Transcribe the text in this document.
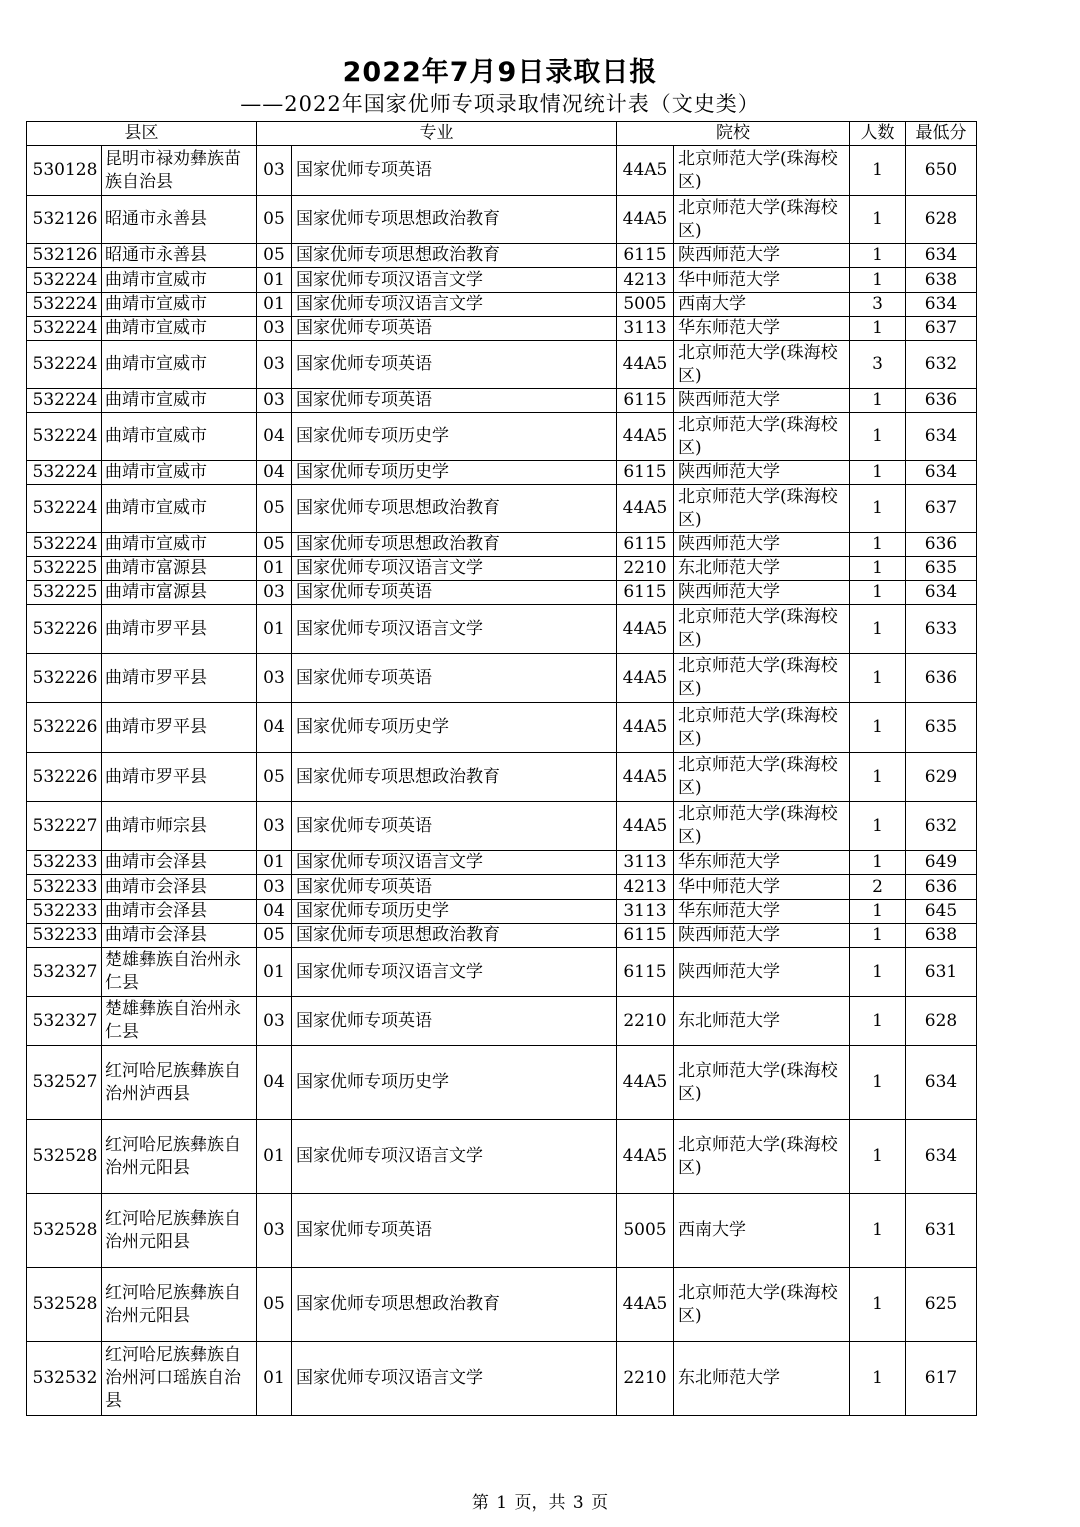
2022年7月9日录取日报
——2022年国家优师专项录取情况统计表（文史类）
县区		专业		院校		人数	最低分
530128	昆明市禄劝彝族苗族自治县	03	国家优师专项英语	44A5	北京师范大学(珠海校区)	1	650
532126	昭通市永善县	05	国家优师专项思想政治教育	44A5	北京师范大学(珠海校区)	1	628
532126	昭通市永善县	05	国家优师专项思想政治教育	6115	陕西师范大学	1	634
532224	曲靖市宣威市	01	国家优师专项汉语言文学	4213	华中师范大学	1	638
532224	曲靖市宣威市	01	国家优师专项汉语言文学	5005	西南大学	3	634
532224	曲靖市宣威市	03	国家优师专项英语	3113	华东师范大学	1	637
532224	曲靖市宣威市	03	国家优师专项英语	44A5	北京师范大学(珠海校区)	3	632
532224	曲靖市宣威市	03	国家优师专项英语	6115	陕西师范大学	1	636
532224	曲靖市宣威市	04	国家优师专项历史学	44A5	北京师范大学(珠海校区)	1	634
532224	曲靖市宣威市	04	国家优师专项历史学	6115	陕西师范大学	1	634
532224	曲靖市宣威市	05	国家优师专项思想政治教育	44A5	北京师范大学(珠海校区)	1	637
532224	曲靖市宣威市	05	国家优师专项思想政治教育	6115	陕西师范大学	1	636
532225	曲靖市富源县	01	国家优师专项汉语言文学	2210	东北师范大学	1	635
532225	曲靖市富源县	03	国家优师专项英语	6115	陕西师范大学	1	634
532226	曲靖市罗平县	01	国家优师专项汉语言文学	44A5	北京师范大学(珠海校区)	1	633
532226	曲靖市罗平县	03	国家优师专项英语	44A5	北京师范大学(珠海校区)	1	636
532226	曲靖市罗平县	04	国家优师专项历史学	44A5	北京师范大学(珠海校区)	1	635
532226	曲靖市罗平县	05	国家优师专项思想政治教育	44A5	北京师范大学(珠海校区)	1	629
532227	曲靖市师宗县	03	国家优师专项英语	44A5	北京师范大学(珠海校区)	1	632
532233	曲靖市会泽县	01	国家优师专项汉语言文学	3113	华东师范大学	1	649
532233	曲靖市会泽县	03	国家优师专项英语	4213	华中师范大学	2	636
532233	曲靖市会泽县	04	国家优师专项历史学	3113	华东师范大学	1	645
532233	曲靖市会泽县	05	国家优师专项思想政治教育	6115	陕西师范大学	1	638
532327	楚雄彝族自治州永仁县	01	国家优师专项汉语言文学	6115	陕西师范大学	1	631
532327	楚雄彝族自治州永仁县	03	国家优师专项英语	2210	东北师范大学	1	628
532527	红河哈尼族彝族自治州泸西县	04	国家优师专项历史学	44A5	北京师范大学(珠海校区)	1	634
532528	红河哈尼族彝族自治州元阳县	01	国家优师专项汉语言文学	44A5	北京师范大学(珠海校区)	1	634
532528	红河哈尼族彝族自治州元阳县	03	国家优师专项英语	5005	西南大学	1	631
532528	红河哈尼族彝族自治州元阳县	05	国家优师专项思想政治教育	44A5	北京师范大学(珠海校区)	1	625
532532	红河哈尼族彝族自治州河口瑶族自治县	01	国家优师专项汉语言文学	2210	东北师范大学	1	617
第 1 页，共 3 页
